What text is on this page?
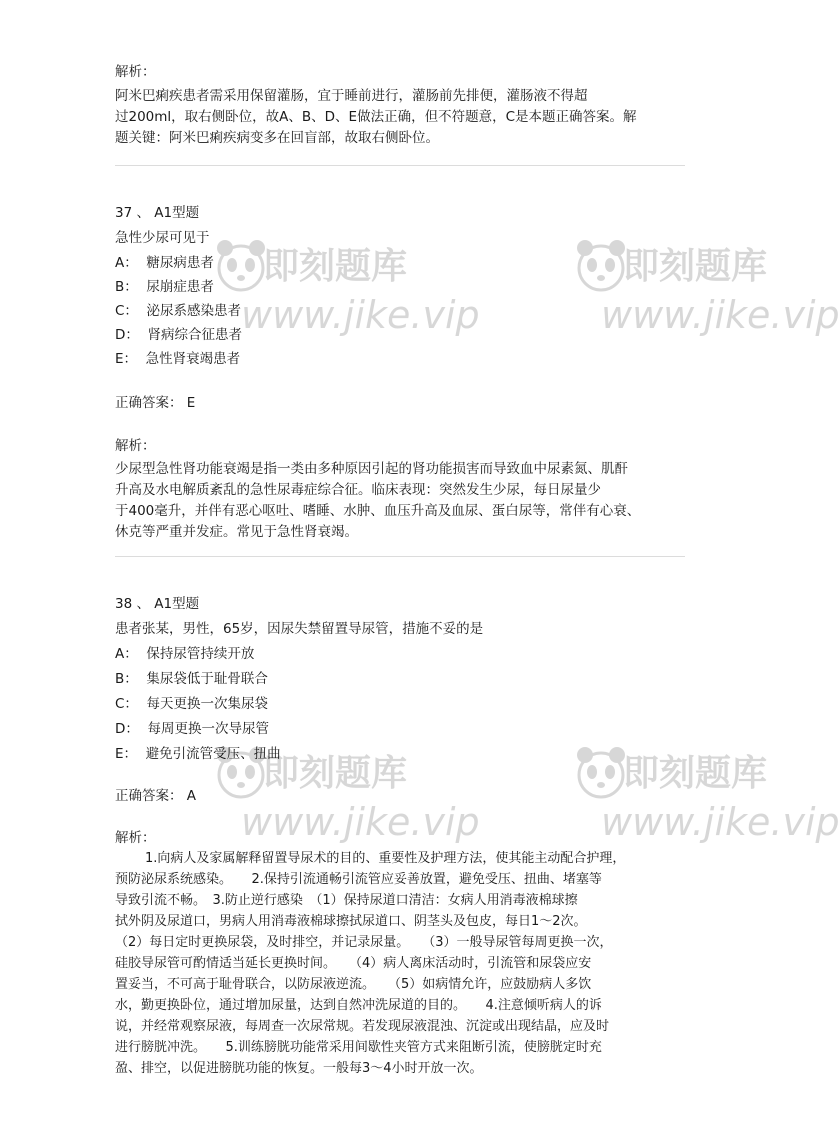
解析：

阿米巴痢疾患者需采用保留灌肠，宜于睡前进行，灌肠前先排便，灌肠液不得超

过200ml，取右侧卧位，故A、B、D、E做法正确，但不符题意，C是本题正确答案。解

题关键：阿米巴痢疾病变多在回盲部，故取右侧卧位。

37 、 A1型题
急性少尿可见于
A： 糖尿病患者
B： 尿崩症患者
C： 泌尿系感染患者
D： 肾病综合征患者
E： 急性肾衰竭患者
正确答案： E
解析：

少尿型急性肾功能衰竭是指一类由多种原因引起的肾功能损害而导致血中尿素氮、肌酐

升高及水电解质紊乱的急性尿毒症综合征。临床表现：突然发生少尿，每日尿量少

于400毫升，并伴有恶心呕吐、嗜睡、水肿、血压升高及血尿、蛋白尿等，常伴有心衰、

休克等严重并发症。常见于急性肾衰竭。

38 、 A1型题
患者张某，男性，65岁，因尿失禁留置导尿管，措施不妥的是
A： 保持尿管持续开放
B： 集尿袋低于耻骨联合
C： 每天更换一次集尿袋
D： 每周更换一次导尿管
E： 避免引流管受压、扭曲
正确答案： A
解析：

1.向病人及家属解释留置导尿术的目的、重要性及护理方法，使其能主动配合护理，

预防泌尿系统感染。　　2.保持引流通畅引流管应妥善放置，避免受压、扭曲、堵塞等

导致引流不畅。　3.防止逆行感染　（1）保持尿道口清洁：女病人用消毒液棉球擦

拭外阴及尿道口，男病人用消毒液棉球擦拭尿道口、阴茎头及包皮，每日1～2次。

（2）每日定时更换尿袋，及时排空，并记录尿量。　　（3）一般导尿管每周更换一次，

硅胶导尿管可酌情适当延长更换时间。　　（4）病人离床活动时，引流管和尿袋应安

置妥当，不可高于耻骨联合，以防尿液逆流。　　（5）如病情允许，应鼓励病人多饮

水，勤更换卧位，通过增加尿量，达到自然冲洗尿道的目的。　　4.注意倾听病人的诉

说，并经常观察尿液，每周查一次尿常规。若发现尿液混浊、沉淀或出现结晶，应及时

进行膀胱冲洗。　　5.训练膀胱功能常采用间歇性夹管方式来阻断引流，使膀胱定时充

盈、排空，以促进膀胱功能的恢复。一般每3～4小时开放一次。

即刻题库
www.jike.vip
即刻题库
www.jike.vip
即刻题库
www.jike.vip
即刻题库
www.jike.vip
